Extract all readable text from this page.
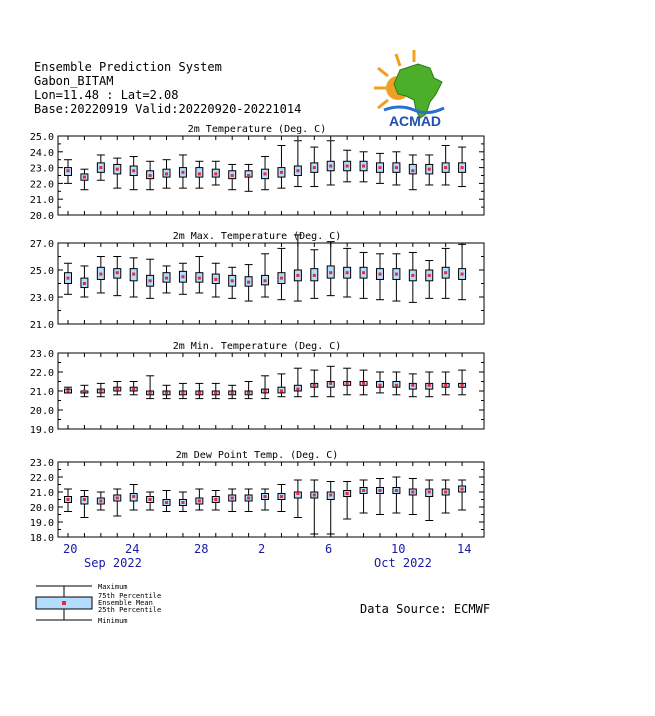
Ensemble Prediction System
Gabon_BITAM
Lon=11.48 : Lat=2.08
Base:20220919 Valid:20220920-20221014
ACMAD
2m Temperature (Deg. C)
20.0
21.0
22.0
23.0
24.0
25.0
2m Max. Temperature (Deg. C)
21.0
23.0
25.0
27.0
2m Min. Temperature (Deg. C)
19.0
20.0
21.0
22.0
23.0
2m Dew Point Temp. (Deg. C)
18.0
19.0
20.0
21.0
22.0
23.0
20	24	28	2	6	10	14
Sep 2022	Oct 2022
Maximum
75th Percentile
Ensemble Mean
25th Percentile
Minimum
Data Source: ECMWF
